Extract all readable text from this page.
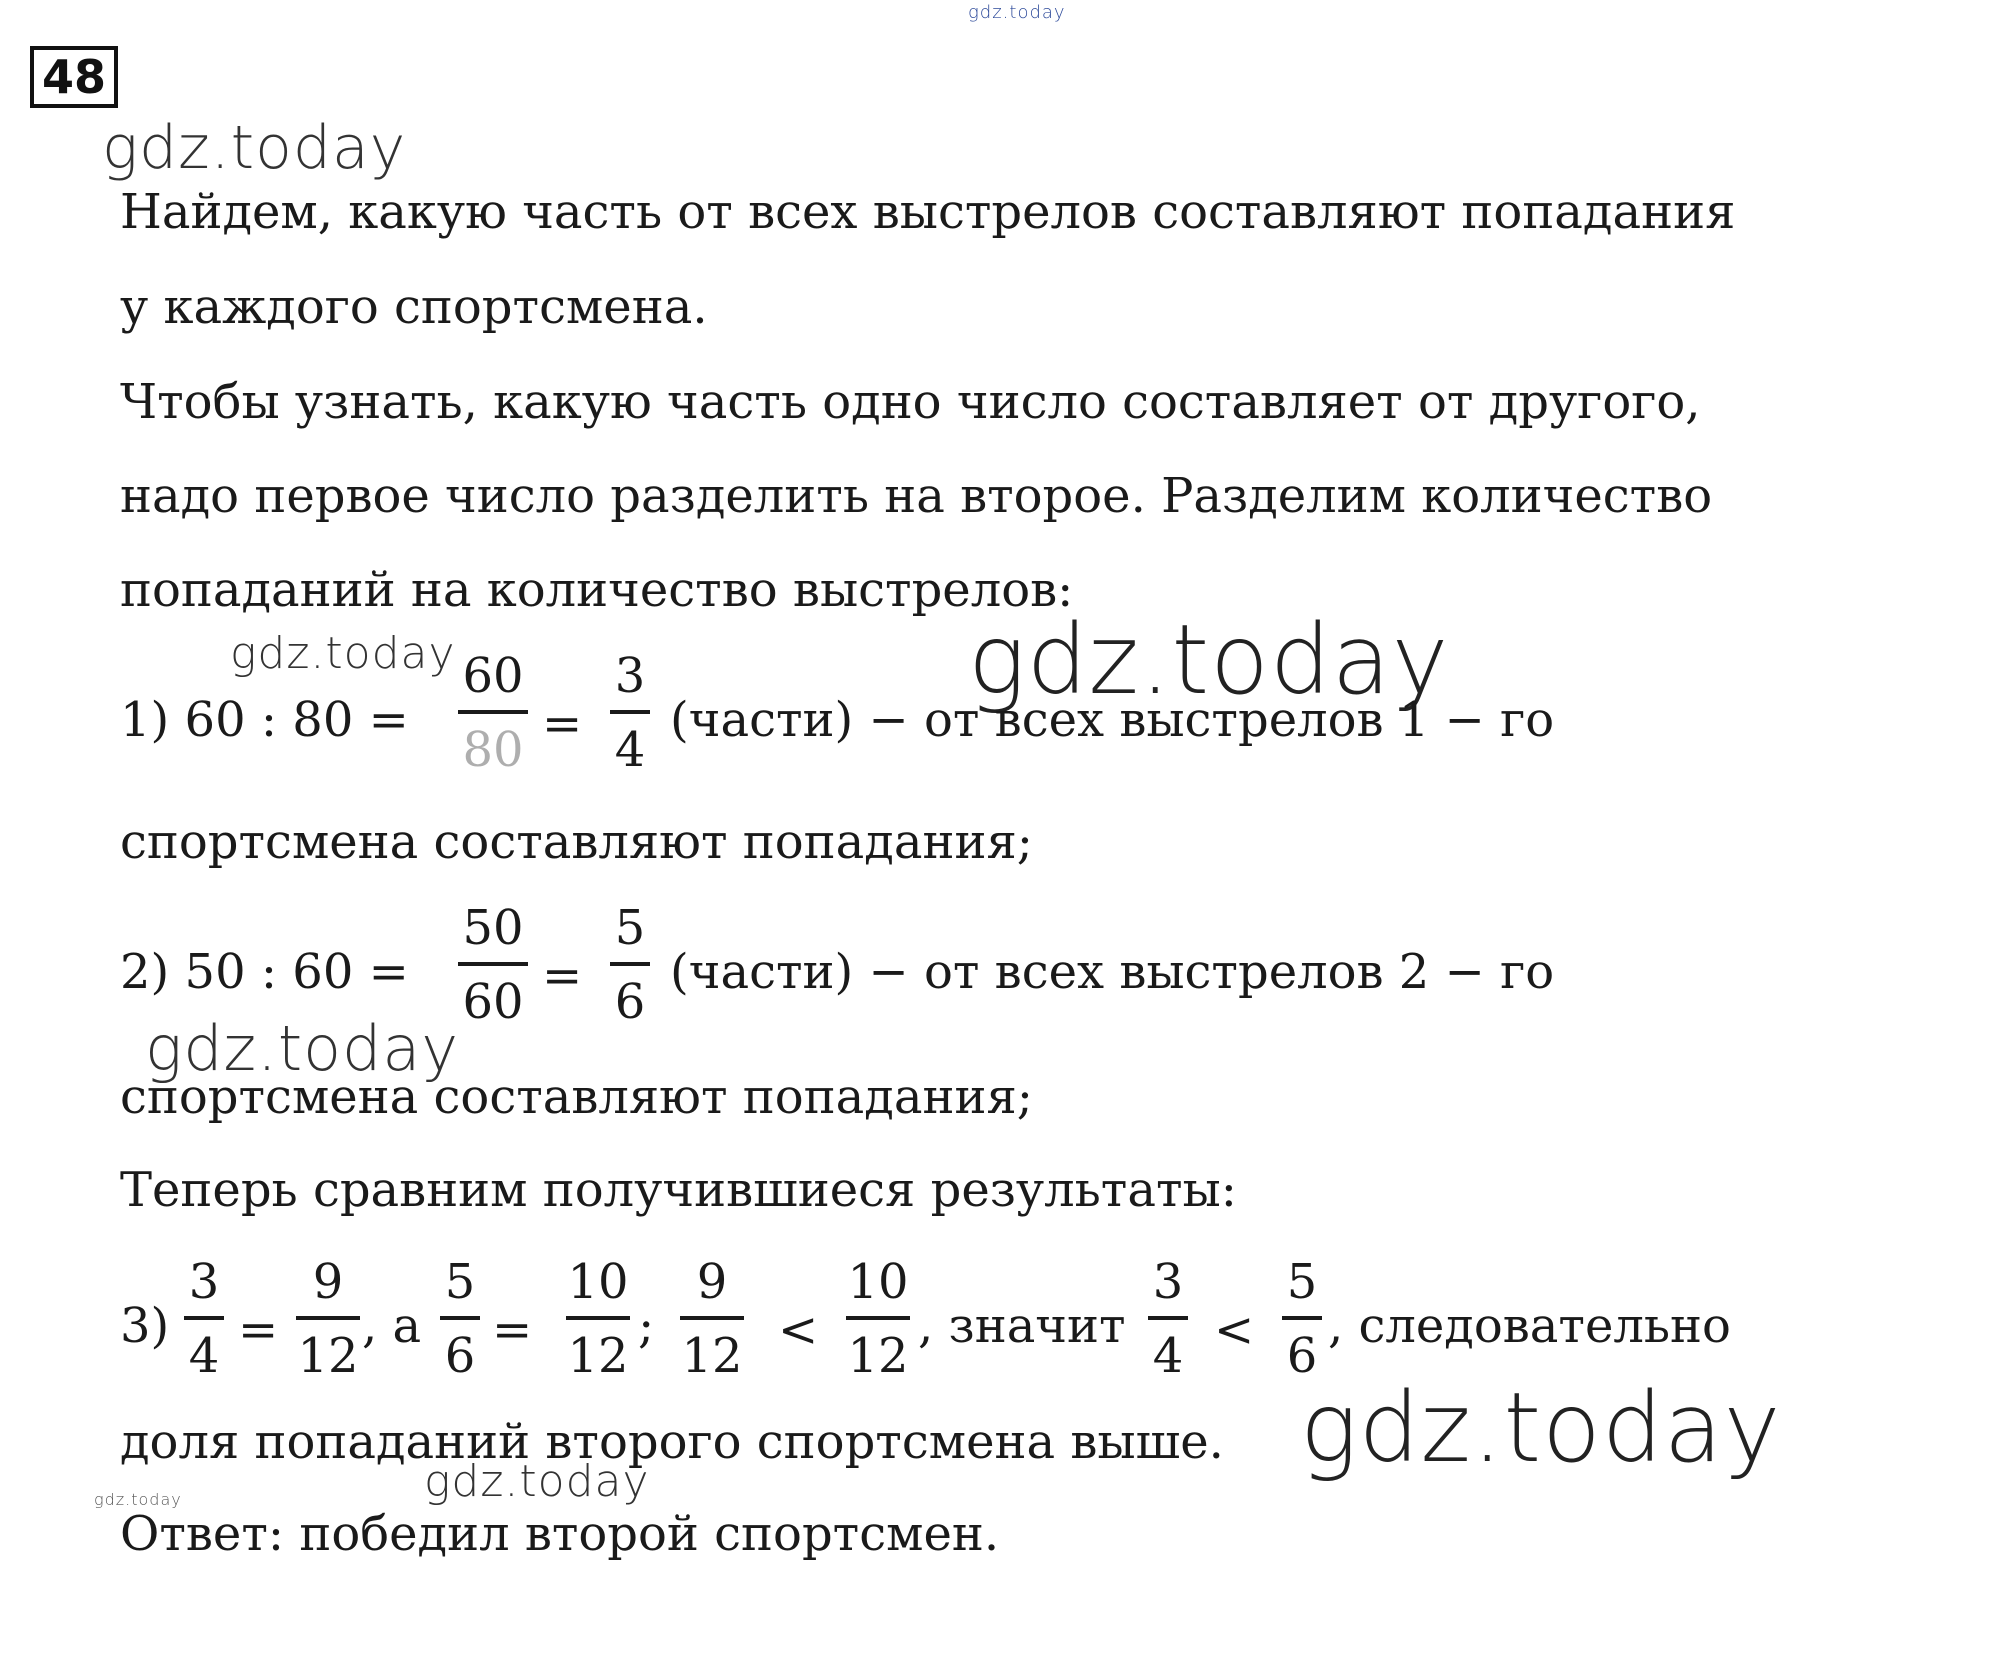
gdz.today
48
gdz.today
Найдем, какую часть от всех выстрелов составляют попадания
у каждого спортсмена.
Чтобы узнать, какую часть одно число составляет от другого,
надо первое число разделить на второе. Разделим количество
попаданий на количество выстрелов:
gdz.today	gdz.today
1) 60 : 80 =
60
80 =
3
4
(части) − от всех выстрелов 1 − го
спортсмена составляют попадания;
2) 50 : 60 =
50
60 =
5
6
(части) − от всех выстрелов 2 − го
gdz.today
спортсмена составляют попадания;
Теперь сравним получившиеся результаты:
3)
3
4 =
9
12
, а
5
6 =
10
12
;
9
12 <
10
12
, значит
3
4 <
5
6
, следовательно
доля попаданий второго спортсмена выше. gdz.today
gdz.today	gdz.today
Ответ: победил второй спортсмен.
